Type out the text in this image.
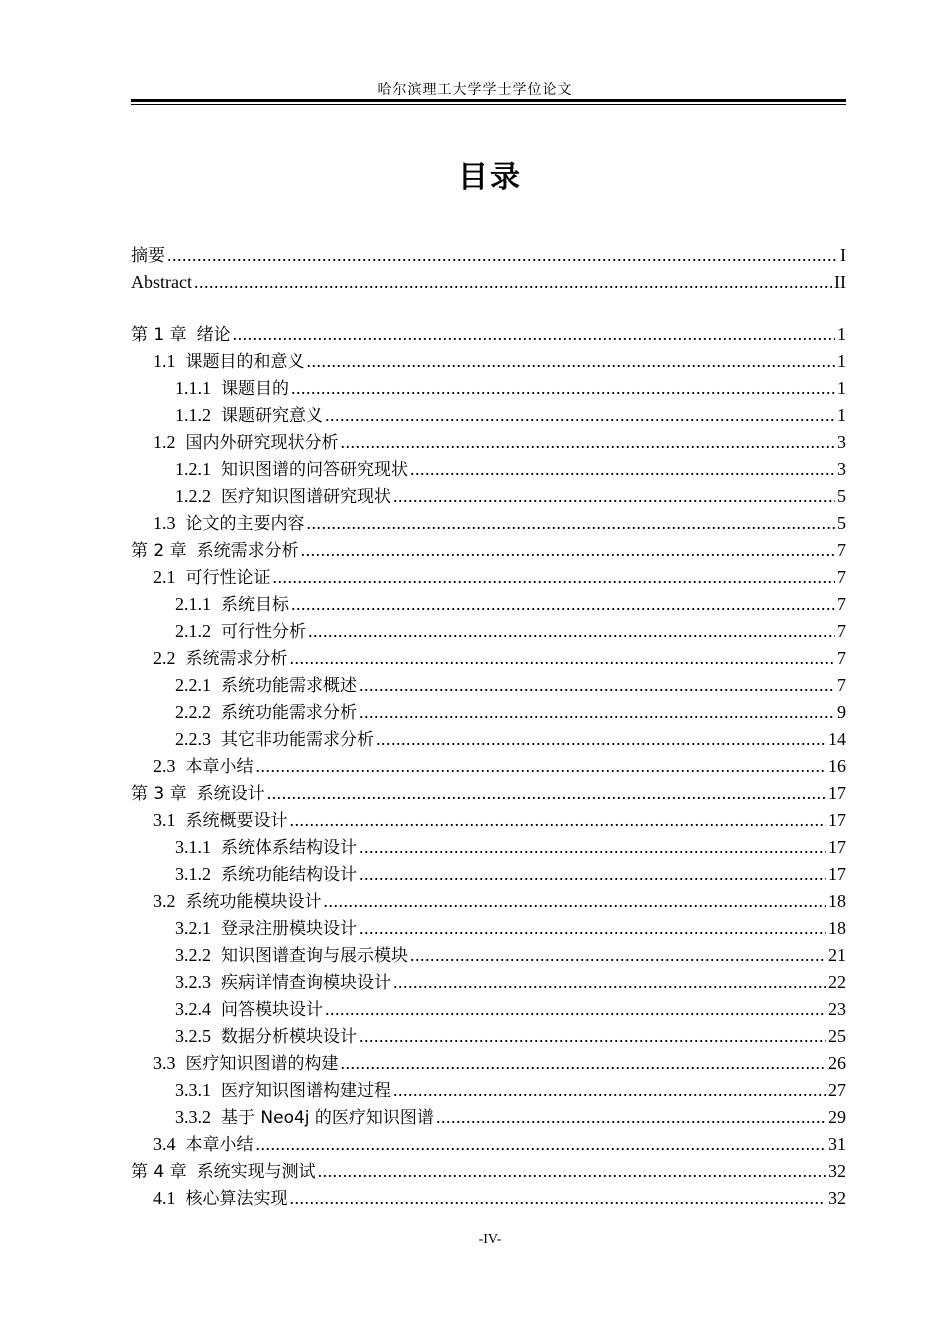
哈尔滨理工大学学士学位论文
目录
摘要 .....	I
Abstract .....	II
第 1 章 绪论 .....	1
1.1 课题目的和意义 .....	1
1.1.1 课题目的 .....	1
1.1.2 课题研究意义 .....	1
1.2 国内外研究现状分析 .....	3
1.2.1 知识图谱的问答研究现状 .....	3
1.2.2 医疗知识图谱研究现状 .....	5
1.3 论文的主要内容 .....	5
第 2 章 系统需求分析 .....	7
2.1 可行性论证 .....	7
2.1.1 系统目标 .....	7
2.1.2 可行性分析 .....	7
2.2 系统需求分析 .....	7
2.2.1 系统功能需求概述 .....	7
2.2.2 系统功能需求分析 .....	9
2.2.3 其它非功能需求分析 .....	14
2.3 本章小结 .....	16
第 3 章 系统设计 .....	17
3.1 系统概要设计 .....	17
3.1.1 系统体系结构设计 .....	17
3.1.2 系统功能结构设计 .....	17
3.2 系统功能模块设计 .....	18
3.2.1 登录注册模块设计 .....	18
3.2.2 知识图谱查询与展示模块 .....	21
3.2.3 疾病详情查询模块设计 .....	22
3.2.4 问答模块设计 .....	23
3.2.5 数据分析模块设计 .....	25
3.3 医疗知识图谱的构建 .....	26
3.3.1 医疗知识图谱构建过程 .....	27
3.3.2 基于 Neo4j 的医疗知识图谱 .....	29
3.4 本章小结 .....	31
第 4 章 系统实现与测试 .....	32
4.1 核心算法实现 .....	32
-IV-
